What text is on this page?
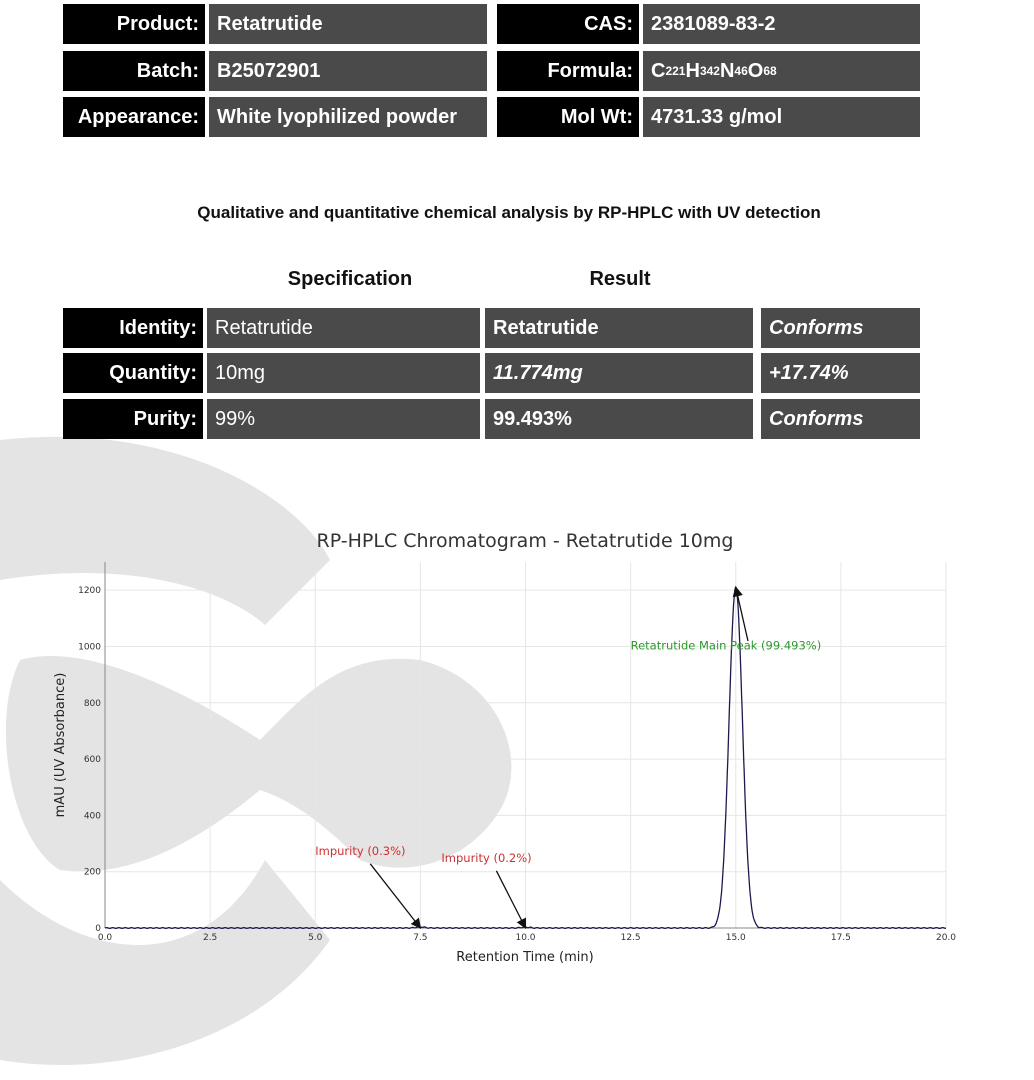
Product: Retatrutide
Batch: B25072901
Appearance: White lyophilized powder
CAS: 2381089-83-2
Formula: C 221 H 342 N 46 O 68
Mol Wt: 4731.33 g/mol
Qualitative and quantitative chemical analysis by RP-HPLC with UV detection
Specification	Result
Identity: Retatrutide	Retatrutide	Conforms
Quantity: 10mg	11.774mg	+17.74%
Purity: 99%	99.493%	Conforms
RP-HPLC Chromatogram - Retatrutide 10mg
Retention Time (min)
mAU (UV Absorbance)
0.0	2.5	5.0	7.5	10.0	12.5	15.0	17.5	20.0
0
200
400
600
800
1000
1200
Retatrutide Main Peak (99.493%)
Impurity (0.3%)
Impurity (0.2%)
